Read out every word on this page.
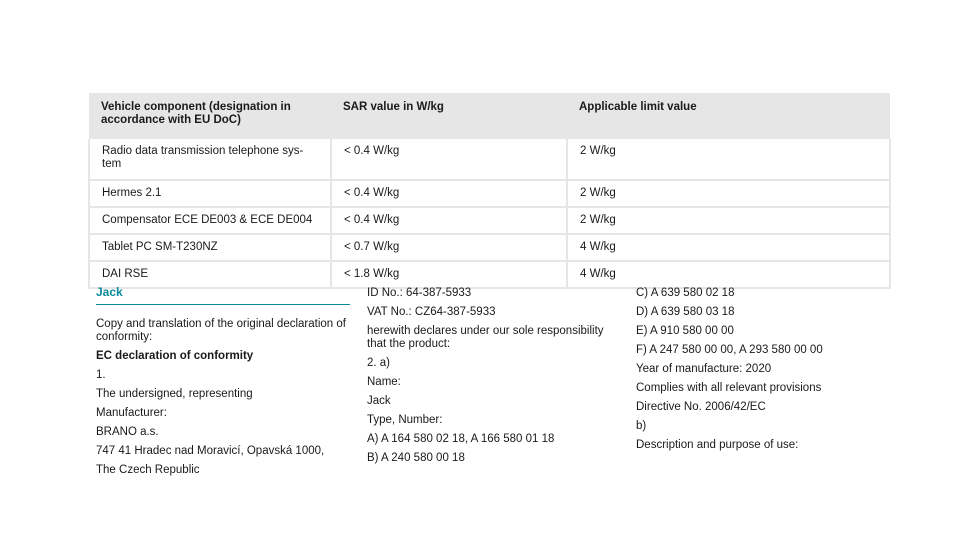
Vehicle component (designation in accordance with EU DoC)	SAR value in W/kg	Applicable limit value
Radio data transmission telephone sys-tem	< 0.4 W/kg	2 W/kg
Hermes 2.1	< 0.4 W/kg	2 W/kg
Compensator ECE DE003 & ECE DE004	< 0.4 W/kg	2 W/kg
Tablet PC SM-T230NZ	< 0.7 W/kg	4 W/kg
DAI RSE	< 1.8 W/kg	4 W/kg
Jack

Copy and translation of the original declaration of conformity:

EC declaration of conformity

1.

The undersigned, representing

Manufacturer:

BRANO a.s.

747 41 Hradec nad Moravicí, Opavská 1000,

The Czech Republic

ID No.: 64-387-5933

VAT No.: CZ64-387-5933

herewith declares under our sole responsibility that the product:

2. a)

Name:

Jack

Type, Number:

A) A 164 580 02 18, A 166 580 01 18

B) A 240 580 00 18

C) A 639 580 02 18

D) A 639 580 03 18

E) A 910 580 00 00

F) A 247 580 00 00, A 293 580 00 00

Year of manufacture: 2020

Complies with all relevant provisions

Directive No. 2006/42/EC

b)

Description and purpose of use:
